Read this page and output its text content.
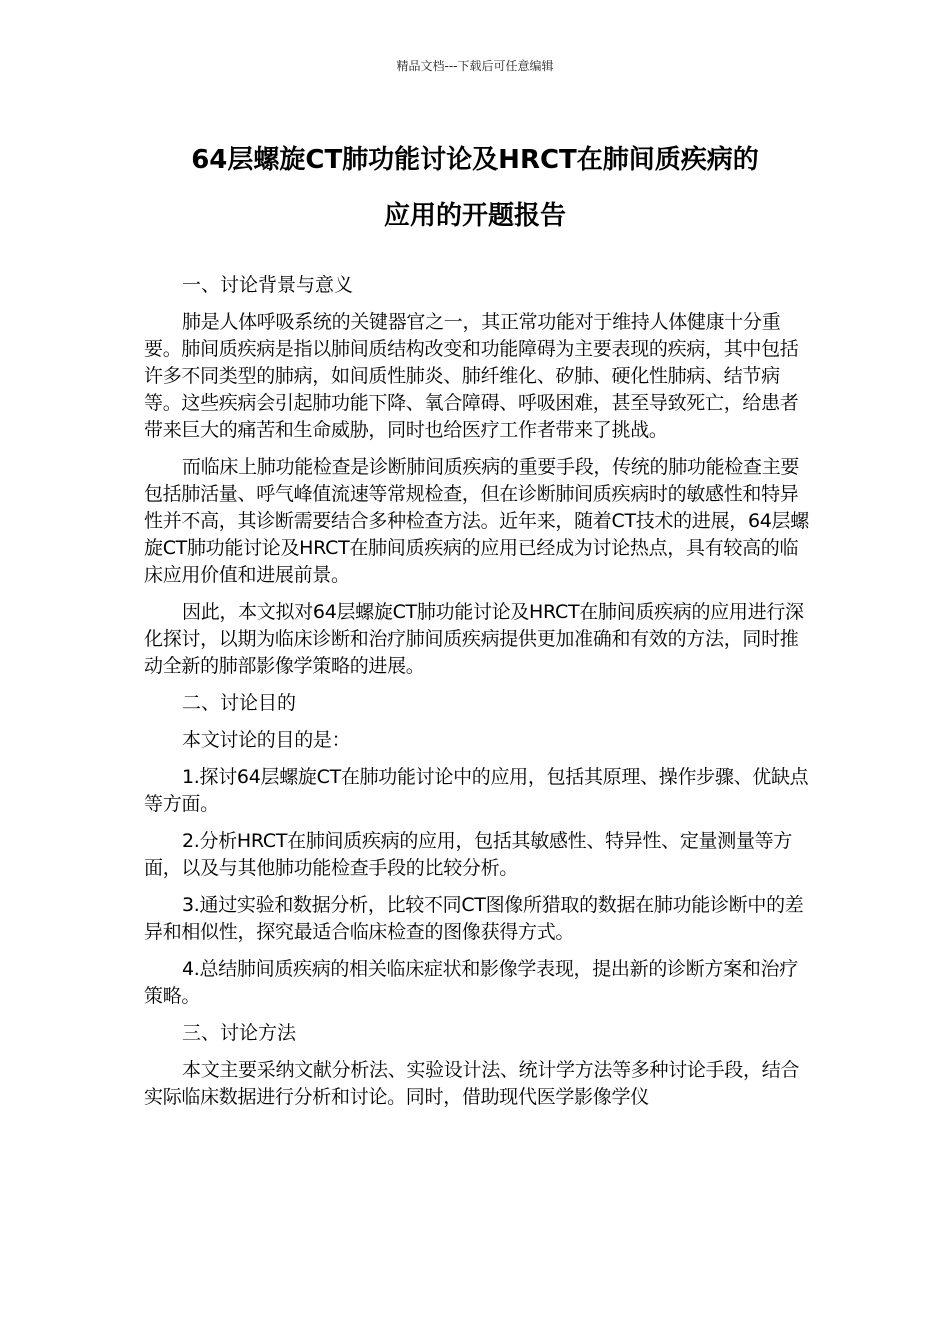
精品文档---下载后可任意编辑
64层螺旋CT肺功能讨论及HRCT在肺间质疾病的
应用的开题报告

一、讨论背景与意义

肺是人体呼吸系统的关键器官之一，其正常功能对于维持人体健康十分重要。肺间质疾病是指以肺间质结构改变和功能障碍为主要表现的疾病，其中包括许多不同类型的肺病，如间质性肺炎、肺纤维化、矽肺、硬化性肺病、结节病等。这些疾病会引起肺功能下降、氧合障碍、呼吸困难，甚至导致死亡，给患者带来巨大的痛苦和生命威胁，同时也给医疗工作者带来了挑战。

而临床上肺功能检查是诊断肺间质疾病的重要手段，传统的肺功能检查主要包括肺活量、呼气峰值流速等常规检查，但在诊断肺间质疾病时的敏感性和特异性并不高，其诊断需要结合多种检查方法。近年来，随着CT技术的进展，64层螺旋CT肺功能讨论及HRCT在肺间质疾病的应用已经成为讨论热点，具有较高的临床应用价值和进展前景。

因此，本文拟对64层螺旋CT肺功能讨论及HRCT在肺间质疾病的应用进行深化探讨，以期为临床诊断和治疗肺间质疾病提供更加准确和有效的方法，同时推动全新的肺部影像学策略的进展。

二、讨论目的

本文讨论的目的是：

1.探讨64层螺旋CT在肺功能讨论中的应用，包括其原理、操作步骤、优缺点等方面。

2.分析HRCT在肺间质疾病的应用，包括其敏感性、特异性、定量测量等方面，以及与其他肺功能检查手段的比较分析。

3.通过实验和数据分析，比较不同CT图像所猎取的数据在肺功能诊断中的差异和相似性，探究最适合临床检查的图像获得方式。

4.总结肺间质疾病的相关临床症状和影像学表现，提出新的诊断方案和治疗策略。

三、讨论方法

本文主要采纳文献分析法、实验设计法、统计学方法等多种讨论手段，结合实际临床数据进行分析和讨论。同时，借助现代医学影像学仪
